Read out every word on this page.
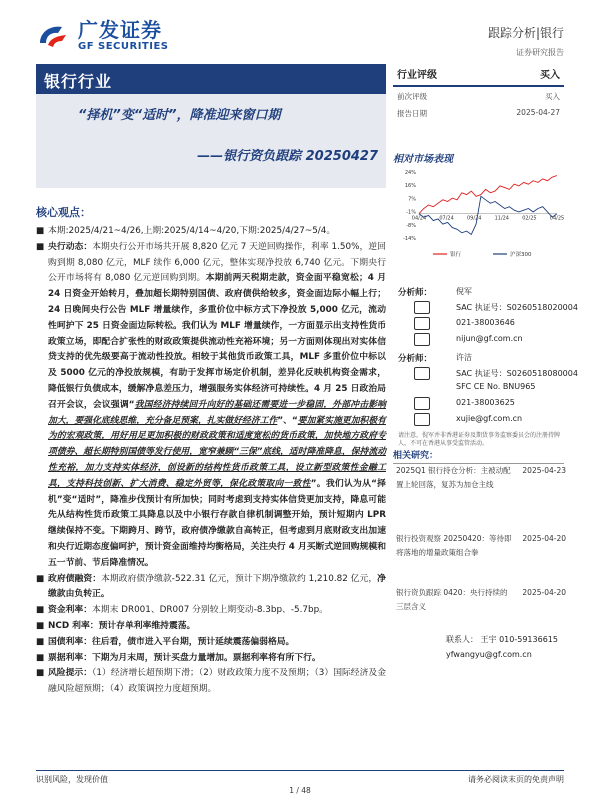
广发证券
GF SECURITIES
跟踪分析|银行
证券研究报告
银行行业
“择机”变“适时”，降准迎来窗口期
——银行资负跟踪 20250427
行业评级	买入
前次评级	买入
报告日期	2025-04-27
相对市场表现
24%
16%
7%
-1%
-8%
-14%
04/24	07/24	09/24	11/24	02/25	04/25
银行	沪深300
分析师：	倪军
SAC 执证号：S0260518020004
021-38003646
nijun@gf.com.cn
分析师：	许洁
SAC 执证号：S0260518080004
SFC CE No. BNU965
021-38003625
xujie@gf.com.cn
请注意，倪军并非香港证券及期货事务监察委员会的注册持牌人，不可在香港从事受监管活动。
相关研究：
2025Q1 银行持仓分析：主被动配置上轮回落，复苏为加仓主线
2025-04-23
银行投资观察 20250420：等待即将落地的增量政策组合拳
2025-04-20
银行资负跟踪 0420：央行持续的三层含义
2025-04-20
联系人： 王宇 010-59136615
yfwangyu@gf.com.cn
核心观点：

■ 本期:2025/4/21~4/26,上期:2025/4/14~4/20,下期:2025/4/27~5/4。

■ 央行动态：本期央行公开市场共开展 8,820 亿元 7 天逆回购操作，利率 1.50%，逆回购到期 8,080 亿元，MLF 续作 6,000 亿元，整体实现净投放 6,740 亿元。下期央行公开市场将有 8,080 亿元逆回购到期。本期前两天税期走款，资金面平稳宽松；4 月 24 日资金开始转月，叠加超长期特别国债、政府债供给较多，资金面边际小幅上行；24 日晚间央行公告 MLF 增量续作，多重价位中标方式下净投放 5,000 亿元，流动性呵护下 25 日资金面边际转松。我们认为 MLF 增量续作，一方面显示出支持性货币政策立场，即配合扩张性的财政政策提供流动性充裕环境；另一方面则体现出对实体信贷支持的优先级要高于流动性投放。相较于其他货币政策工具，MLF 多重价位中标以及 5000 亿元的净投放规模，有助于发挥市场定价机制，差异化反映机构资金需求，降低银行负债成本，缓解净息差压力，增强服务实体经济可持续性。4 月 25 日政治局召开会议，会议强调“我国经济持续回升向好的基础还需要进一步稳固，外部冲击影响加大，要强化底线思维，充分备足预案，扎实做好经济工作”、“要加紧实施更加积极有为的宏观政策，用好用足更加积极的财政政策和适度宽松的货币政策，加快地方政府专项债券、超长期特别国债等发行使用，宽窄兼顾“三保”底线，适时降准降息，保持流动性充裕，加力支持实体经济，创设新的结构性货币政策工具，设立新型政策性金融工具，支持科技创新、扩大消费、稳定外贸等，保化政策取向一致性”。我们认为从“择机”变“适时”，降准步伐预计有所加快；同时考虑到支持实体信贷更加支持，降息可能先从结构性货币政策工具降息以及中小银行存款自律机制调整开始，预计短期内 LPR 继续保持不变。下期跨月、跨节，政府债净缴款自高转正，但考虑到月底财政支出加速和央行近期态度偏呵护，预计资金面维持均衡格局，关注央行 4 月买断式逆回购规模和五一节前、节后降准情况。

■ 政府债融资：本期政府债净缴款-522.31 亿元，预计下期净缴款约 1,210.82 亿元，净缴款由负转正。

■ 资金利率：本期末 DR001、DR007 分别较上期变动-8.3bp、-5.7bp。

■ NCD 利率：预计存单利率维持震荡。

■ 国债利率：往后看，债市进入平台期，预计延续震荡偏弱格局。

■ 票据利率：下期为月末周，预计买盘力量增加。票据利率将有所下行。

■ 风险提示：（1）经济增长超预期下滑；（2）财政政策力度不及预期；（3）国际经济及金融风险超预期；（4）政策调控力度超预期。

识别风险，发现价值	请务必阅读末页的免责声明
1 / 48
